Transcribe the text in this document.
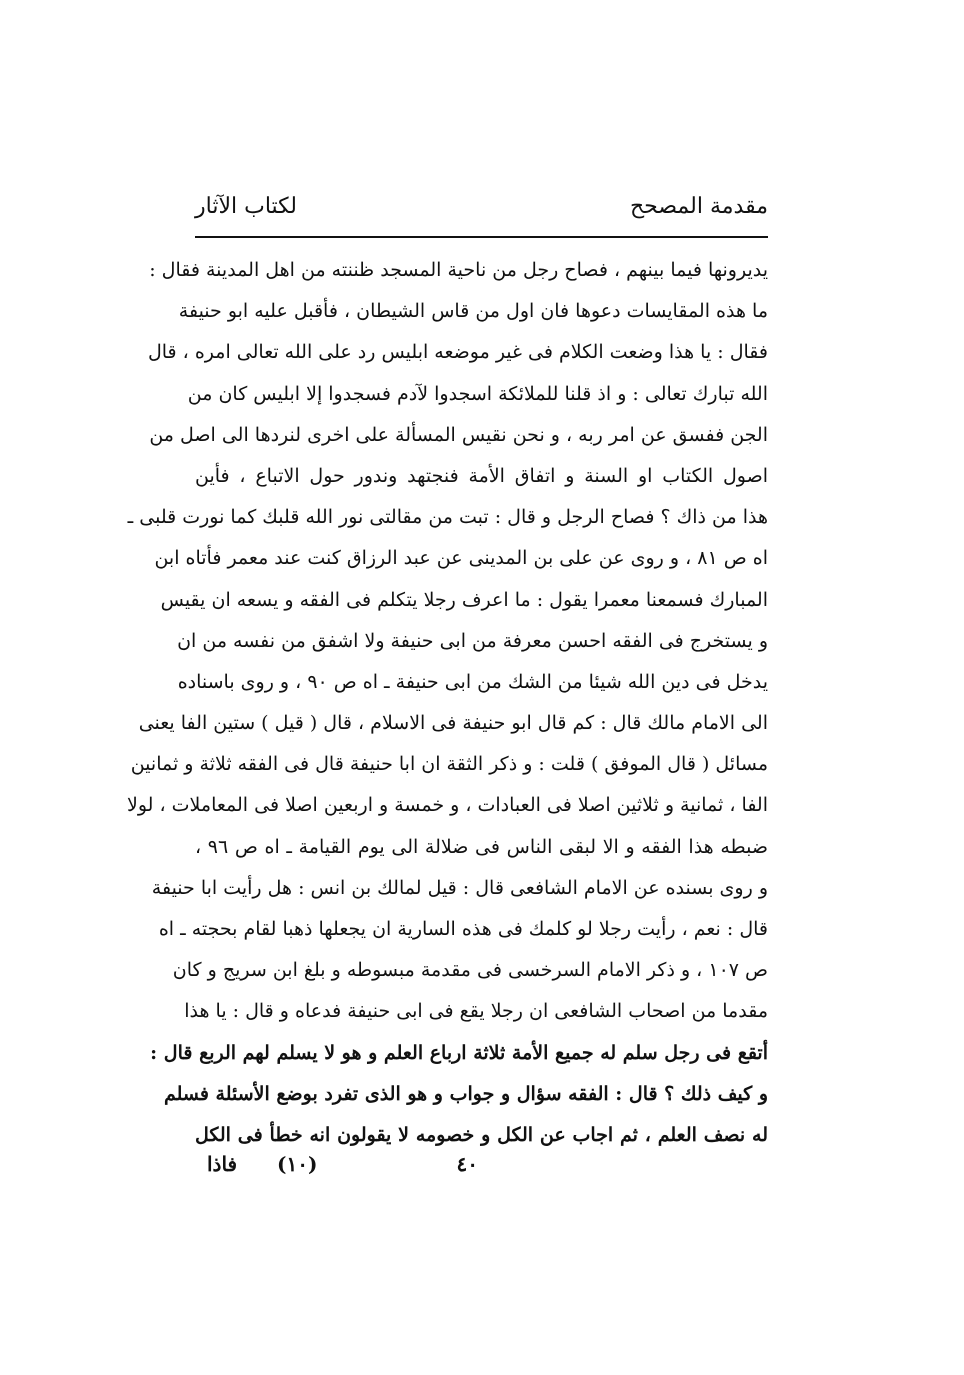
مقدمة المصحح
لكتاب الآثار
يديرونها فيما بينهم ، فصاح رجل من ناحية المسجد ظننته من اهل المدينة فقال :
ما هذه المقايسات دعوها فان اول من قاس الشيطان ، فأقبل عليه ابو حنيفة
فقال : يا هذا وضعت الكلام فى غير موضعه ابليس رد على الله تعالى امره ، قال
الله تبارك تعالى : و اذ قلنا للملائكة اسجدوا لآدم فسجدوا إلا ابليس كان من
الجن ففسق عن امر ربه ، و نحن نقيس المسألة على اخرى لنردها الى اصل من
اصول الكتاب او السنة و اتفاق الأمة فنجتهد وندور حول الاتباع ، فأين
هذا من ذاك ؟ فصاح الرجل و قال : تبت من مقالتى نور الله قلبك كما نورت قلبى ـ
اه ص ٨١ ، و روى عن على بن المدينى عن عبد الرزاق كنت عند معمر فأتاه ابن
المبارك فسمعنا معمرا يقول : ما اعرف رجلا يتكلم فى الفقه و يسعه ان يقيس
و يستخرج فى الفقه احسن معرفة من ابى حنيفة ولا اشفق من نفسه من ان
يدخل فى دين الله شيئا من الشك من ابى حنيفة ـ اه ص ٩٠ ، و روى باسناده
الى الامام مالك قال : كم قال ابو حنيفة فى الاسلام ، قال ( قيل ) ستين الفا يعنى
مسائل ( قال الموفق ) قلت : و ذكر الثقة ان ابا حنيفة قال فى الفقه ثلاثة و ثمانين
الفا ، ثمانية و ثلاثين اصلا فى العبادات ، و خمسة و اربعين اصلا فى المعاملات ، لولا
ضبطه هذا الفقه و الا لبقى الناس فى ضلالة الى يوم القيامة ـ اه ص ٩٦ ،
و روى بسنده عن الامام الشافعى قال : قيل لمالك بن انس : هل رأيت ابا حنيفة
قال : نعم ، رأيت رجلا لو كلمك فى هذه السارية ان يجعلها ذهبا لقام بحجته ـ اه
ص ١٠٧ ، و ذكر الامام السرخسى فى مقدمة مبسوطه و بلغ ابن سريج و كان
مقدما من اصحاب الشافعى ان رجلا يقع فى ابى حنيفة فدعاه و قال : يا هذا
أتقع فى رجل سلم له جميع الأمة ثلاثة ارباع العلم و هو لا يسلم لهم الربع قال :
و كيف ذلك ؟ قال : الفقه سؤال و جواب و هو الذى تفرد بوضع الأسئلة فسلم
له نصف العلم ، ثم اجاب عن الكل و خصومه لا يقولون انه خطأ فى الكل
٤٠
(١٠)
فاذا
